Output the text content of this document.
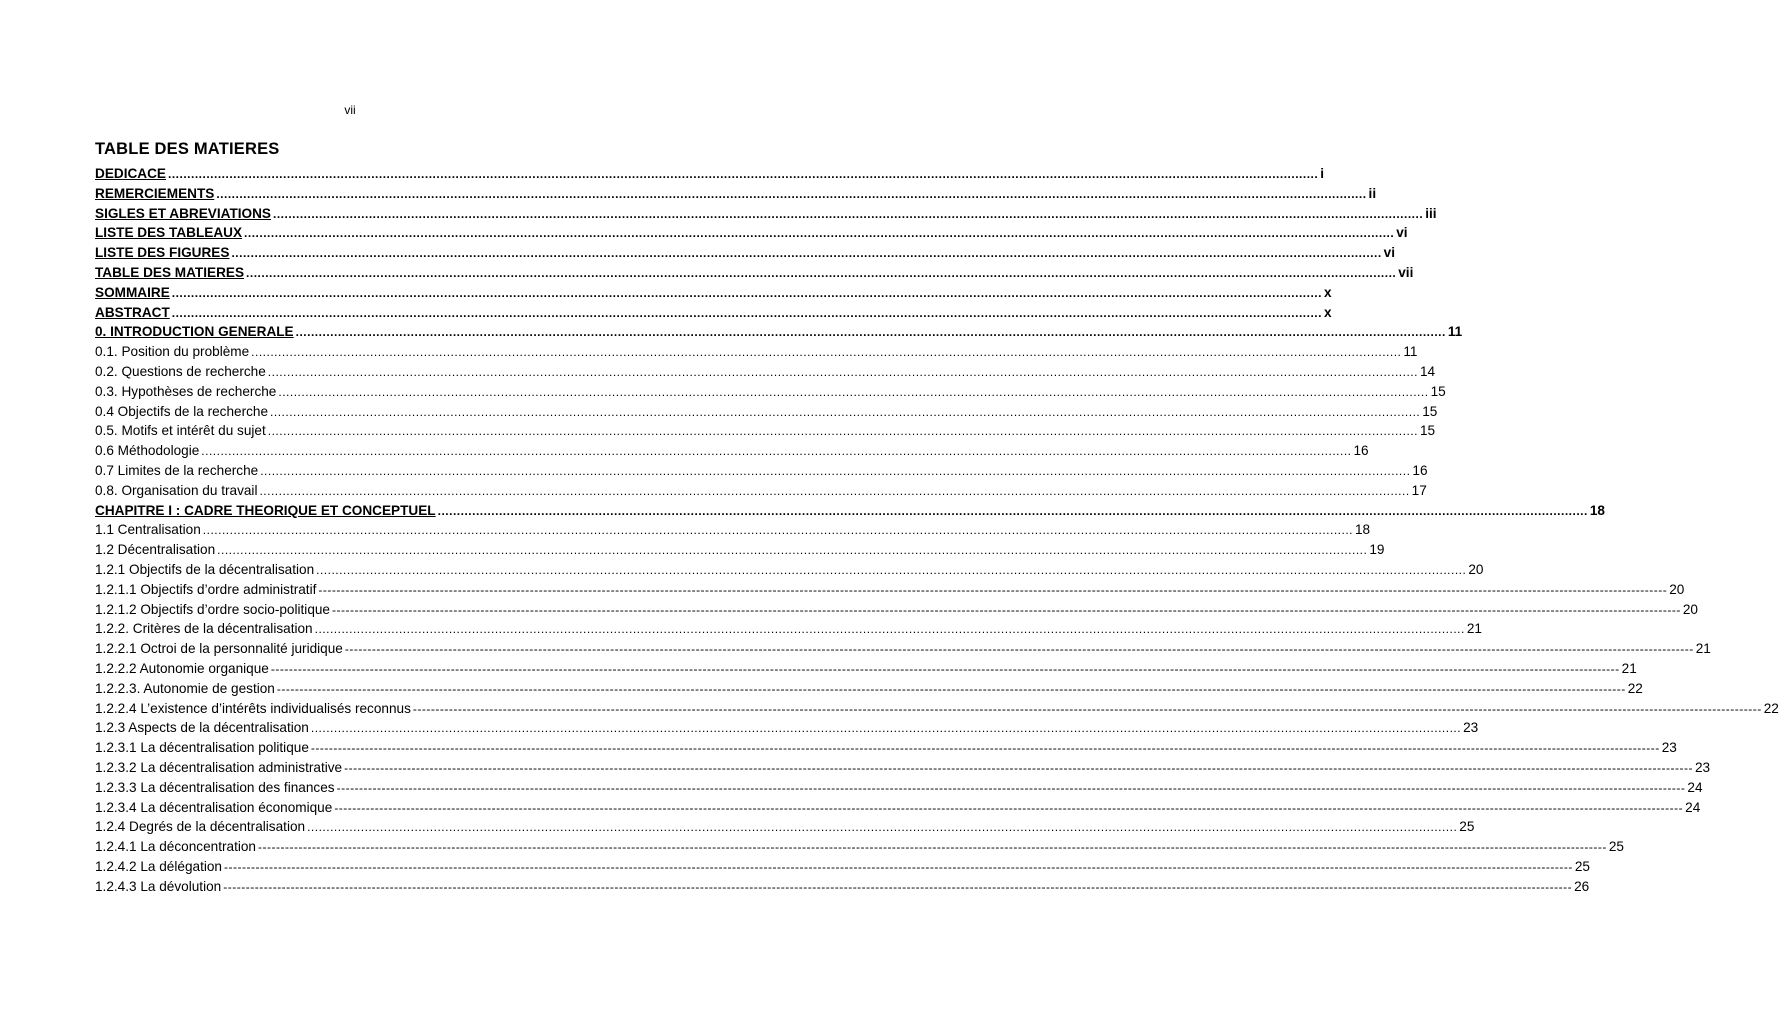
vii
TABLE DES MATIERES
DEDICACE ............................................................................................................................................................................................................................................................................................................ i
REMERCIEMENTS ............................................................................................................................................................................................................................................................................................................ ii
SIGLES ET ABREVIATIONS ............................................................................................................................................................................................................................................................................................................ iii
LISTE DES TABLEAUX ............................................................................................................................................................................................................................................................................................................ vi
LISTE DES FIGURES ............................................................................................................................................................................................................................................................................................................ vi
TABLE DES MATIERES ............................................................................................................................................................................................................................................................................................................ vii
SOMMAIRE ............................................................................................................................................................................................................................................................................................................ x
ABSTRACT ............................................................................................................................................................................................................................................................................................................ x
0. INTRODUCTION GENERALE ............................................................................................................................................................................................................................................................................................................ 11
0.1. Position du problème ............................................................................................................................................................................................................................................................................................................ 11
0.2. Questions de recherche ............................................................................................................................................................................................................................................................................................................ 14
0.3. Hypothèses de recherche ............................................................................................................................................................................................................................................................................................................ 15
0.4 Objectifs de la recherche ............................................................................................................................................................................................................................................................................................................ 15
0.5. Motifs et intérêt du sujet ............................................................................................................................................................................................................................................................................................................ 15
0.6 Méthodologie ............................................................................................................................................................................................................................................................................................................ 16
0.7 Limites de la recherche ............................................................................................................................................................................................................................................................................................................ 16
0.8. Organisation du travail ............................................................................................................................................................................................................................................................................................................ 17
CHAPITRE I : CADRE THEORIQUE ET CONCEPTUEL ............................................................................................................................................................................................................................................................................................................ 18
1.1 Centralisation ............................................................................................................................................................................................................................................................................................................ 18
1.2 Décentralisation ............................................................................................................................................................................................................................................................................................................ 19
1.2.1 Objectifs de la décentralisation ............................................................................................................................................................................................................................................................................................................ 20
1.2.1.1 Objectifs d’ordre administratif ------------------------------------------------------------------------------------------------------------------------------------------------------------------------------------------------------------------------------------------------------------------------------------------------------------ 20
1.2.1.2 Objectifs d’ordre socio-politique ------------------------------------------------------------------------------------------------------------------------------------------------------------------------------------------------------------------------------------------------------------------------------------------------------------ 20
1.2.2. Critères de la décentralisation ............................................................................................................................................................................................................................................................................................................ 21
1.2.2.1 Octroi de la personnalité juridique ------------------------------------------------------------------------------------------------------------------------------------------------------------------------------------------------------------------------------------------------------------------------------------------------------------ 21
1.2.2.2 Autonomie organique ------------------------------------------------------------------------------------------------------------------------------------------------------------------------------------------------------------------------------------------------------------------------------------------------------------ 21
1.2.2.3. Autonomie de gestion ------------------------------------------------------------------------------------------------------------------------------------------------------------------------------------------------------------------------------------------------------------------------------------------------------------ 22
1.2.2.4 L’existence d’intérêts individualisés reconnus ------------------------------------------------------------------------------------------------------------------------------------------------------------------------------------------------------------------------------------------------------------------------------------------------------------ 22
1.2.3 Aspects de la décentralisation ............................................................................................................................................................................................................................................................................................................ 23
1.2.3.1 La décentralisation politique ------------------------------------------------------------------------------------------------------------------------------------------------------------------------------------------------------------------------------------------------------------------------------------------------------------ 23
1.2.3.2 La décentralisation administrative ------------------------------------------------------------------------------------------------------------------------------------------------------------------------------------------------------------------------------------------------------------------------------------------------------------ 23
1.2.3.3 La décentralisation des finances ------------------------------------------------------------------------------------------------------------------------------------------------------------------------------------------------------------------------------------------------------------------------------------------------------------ 24
1.2.3.4 La décentralisation économique ------------------------------------------------------------------------------------------------------------------------------------------------------------------------------------------------------------------------------------------------------------------------------------------------------------ 24
1.2.4 Degrés de la décentralisation ............................................................................................................................................................................................................................................................................................................ 25
1.2.4.1 La déconcentration ------------------------------------------------------------------------------------------------------------------------------------------------------------------------------------------------------------------------------------------------------------------------------------------------------------ 25
1.2.4.2 La délégation ------------------------------------------------------------------------------------------------------------------------------------------------------------------------------------------------------------------------------------------------------------------------------------------------------------ 25
1.2.4.3 La dévolution ------------------------------------------------------------------------------------------------------------------------------------------------------------------------------------------------------------------------------------------------------------------------------------------------------------ 26
